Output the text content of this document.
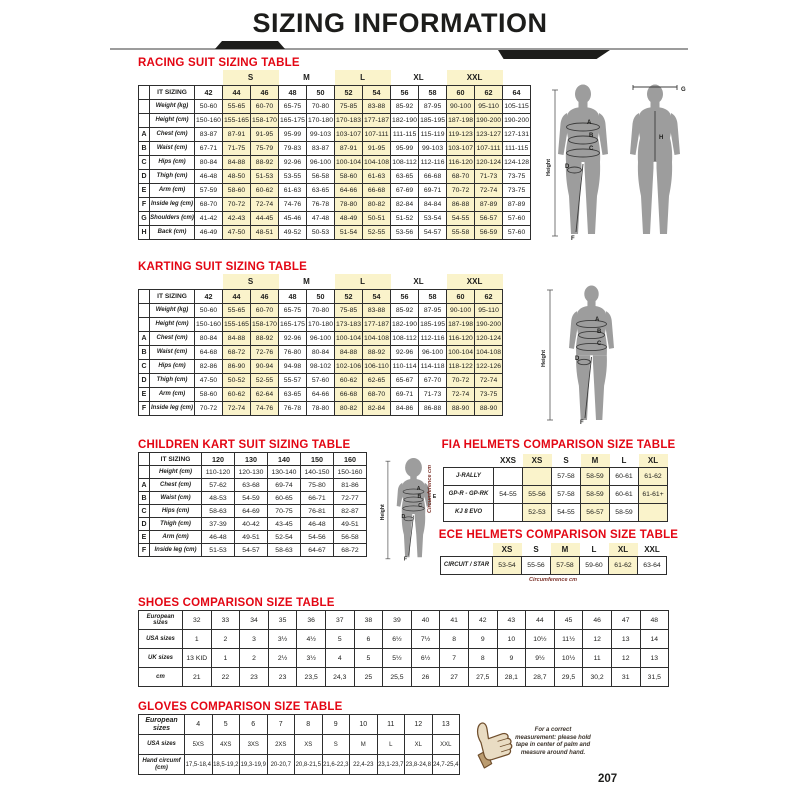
SIZING INFORMATION
RACING SUIT SIZING TABLE
			S		M		L		XL		XXL		
	IT SIZING	42	44	46	48	50	52	54	56	58	60	62	64
	Weight (kg)	50-60	55-65	60-70	65-75	70-80	75-85	83-88	85-92	87-95	90-100	95-110	105-115
	Height (cm)	150-160	155-165	158-170	165-175	170-180	170-183	177-187	182-190	185-195	187-198	190-200	190-200
A	Chest (cm)	83-87	87-91	91-95	95-99	99-103	103-107	107-111	111-115	115-119	119-123	123-127	127-131
B	Waist (cm)	67-71	71-75	75-79	79-83	83-87	87-91	91-95	95-99	99-103	103-107	107-111	111-115
C	Hips (cm)	80-84	84-88	88-92	92-96	96-100	100-104	104-108	108-112	112-116	116-120	120-124	124-128
D	Thigh (cm)	46-48	48-50	51-53	53-55	56-58	58-60	61-63	63-65	66-68	68-70	71-73	73-75
E	Arm (cm)	57-59	58-60	60-62	61-63	63-65	64-66	66-68	67-69	69-71	70-72	72-74	73-75
F	Inside leg (cm)	68-70	70-72	72-74	74-76	76-78	78-80	80-82	82-84	84-84	86-88	87-89	87-89
G	Shoulders (cm)	41-42	42-43	44-45	45-46	47-48	48-49	50-51	51-52	53-54	54-55	56-57	57-60
H	Back (cm)	46-49	47-50	48-51	49-52	50-53	51-54	52-55	53-56	54-57	55-58	56-59	57-60
Height
A
B
C
D
F
G
H
KARTING SUIT SIZING TABLE
			S		M		L		XL		XXL	
	IT SIZING	42	44	46	48	50	52	54	56	58	60	62
	Weight (kg)	50-60	55-65	60-70	65-75	70-80	75-85	83-88	85-92	87-95	90-100	95-110
	Height (cm)	150-160	155-165	158-170	165-175	170-180	173-183	177-187	182-190	185-195	187-198	190-200
A	Chest (cm)	80-84	84-88	88-92	92-96	96-100	100-104	104-108	108-112	112-116	116-120	120-124
B	Waist (cm)	64-68	68-72	72-76	76-80	80-84	84-88	88-92	92-96	96-100	100-104	104-108
C	Hips (cm)	82-86	86-90	90-94	94-98	98-102	102-106	106-110	110-114	114-118	118-122	122-126
D	Thigh (cm)	47-50	50-52	52-55	55-57	57-60	60-62	62-65	65-67	67-70	70-72	72-74
E	Arm (cm)	58-60	60-62	62-64	63-65	64-66	66-68	68-70	69-71	71-73	72-74	73-75
F	Inside leg (cm)	70-72	72-74	74-76	76-78	78-80	80-82	82-84	84-86	86-88	88-90	88-90
Height
A
B
C
D
F
CHILDREN KART SUIT SIZING TABLE
	IT SIZING	120	130	140	150	160
	Height (cm)	110-120	120-130	130-140	140-150	150-160
A	Chest (cm)	57-62	63-68	69-74	75-80	81-86
B	Waist (cm)	48-53	54-59	60-65	66-71	72-77
C	Hips (cm)	58-63	64-69	70-75	76-81	82-87
D	Thigh (cm)	37-39	40-42	43-45	46-48	49-51
E	Arm (cm)	46-48	49-51	52-54	54-56	56-58
F	Inside leg (cm)	51-53	54-57	58-63	64-67	68-72
Height
A
B
C
D
E
F
FIA HELMETS COMPARISON SIZE TABLE
Circumference cm
	XXS	XS	S	M	L	XL
J-RALLY			57-58	58-59	60-61	61-62
GP-R - GP-RK	54-55	55-56	57-58	58-59	60-61	61-61+
KJ 8 EVO		52-53	54-55	56-57	58-59	
ECE HELMETS COMPARISON SIZE TABLE
	XS	S	M	L	XL	XXL
CIRCUIT / STAR	53-54	55-56	57-58	59-60	61-62	63-64
Circumference cm
SHOES COMPARISON SIZE TABLE
European sizes	32	33	34	35	36	37	38	39	40	41	42	43	44	45	46	47	48
USA sizes	1	2	3	3½	4½	5	6	6½	7½	8	9	10	10½	11½	12	13	14
UK sizes	13 KID	1	2	2½	3½	4	5	5½	6½	7	8	9	9½	10½	11	12	13
cm	21	22	23	23	23,5	24,3	25	25,5	26	27	27,5	28,1	28,7	29,5	30,2	31	31,5
GLOVES COMPARISON SIZE TABLE
European sizes	4	5	6	7	8	9	10	11	12	13
USA sizes	5XS	4XS	3XS	2XS	XS	S	M	L	XL	XXL
Hand circumf (cm)	17,5-18,4	18,5-19,2	19,3-19,9	20-20,7	20,8-21,5	21,6-22,3	22,4-23	23,1-23,7	23,8-24,8	24,7-25,4
For a correct measurement: please hold tape in center of palm and measure around hand.
207
